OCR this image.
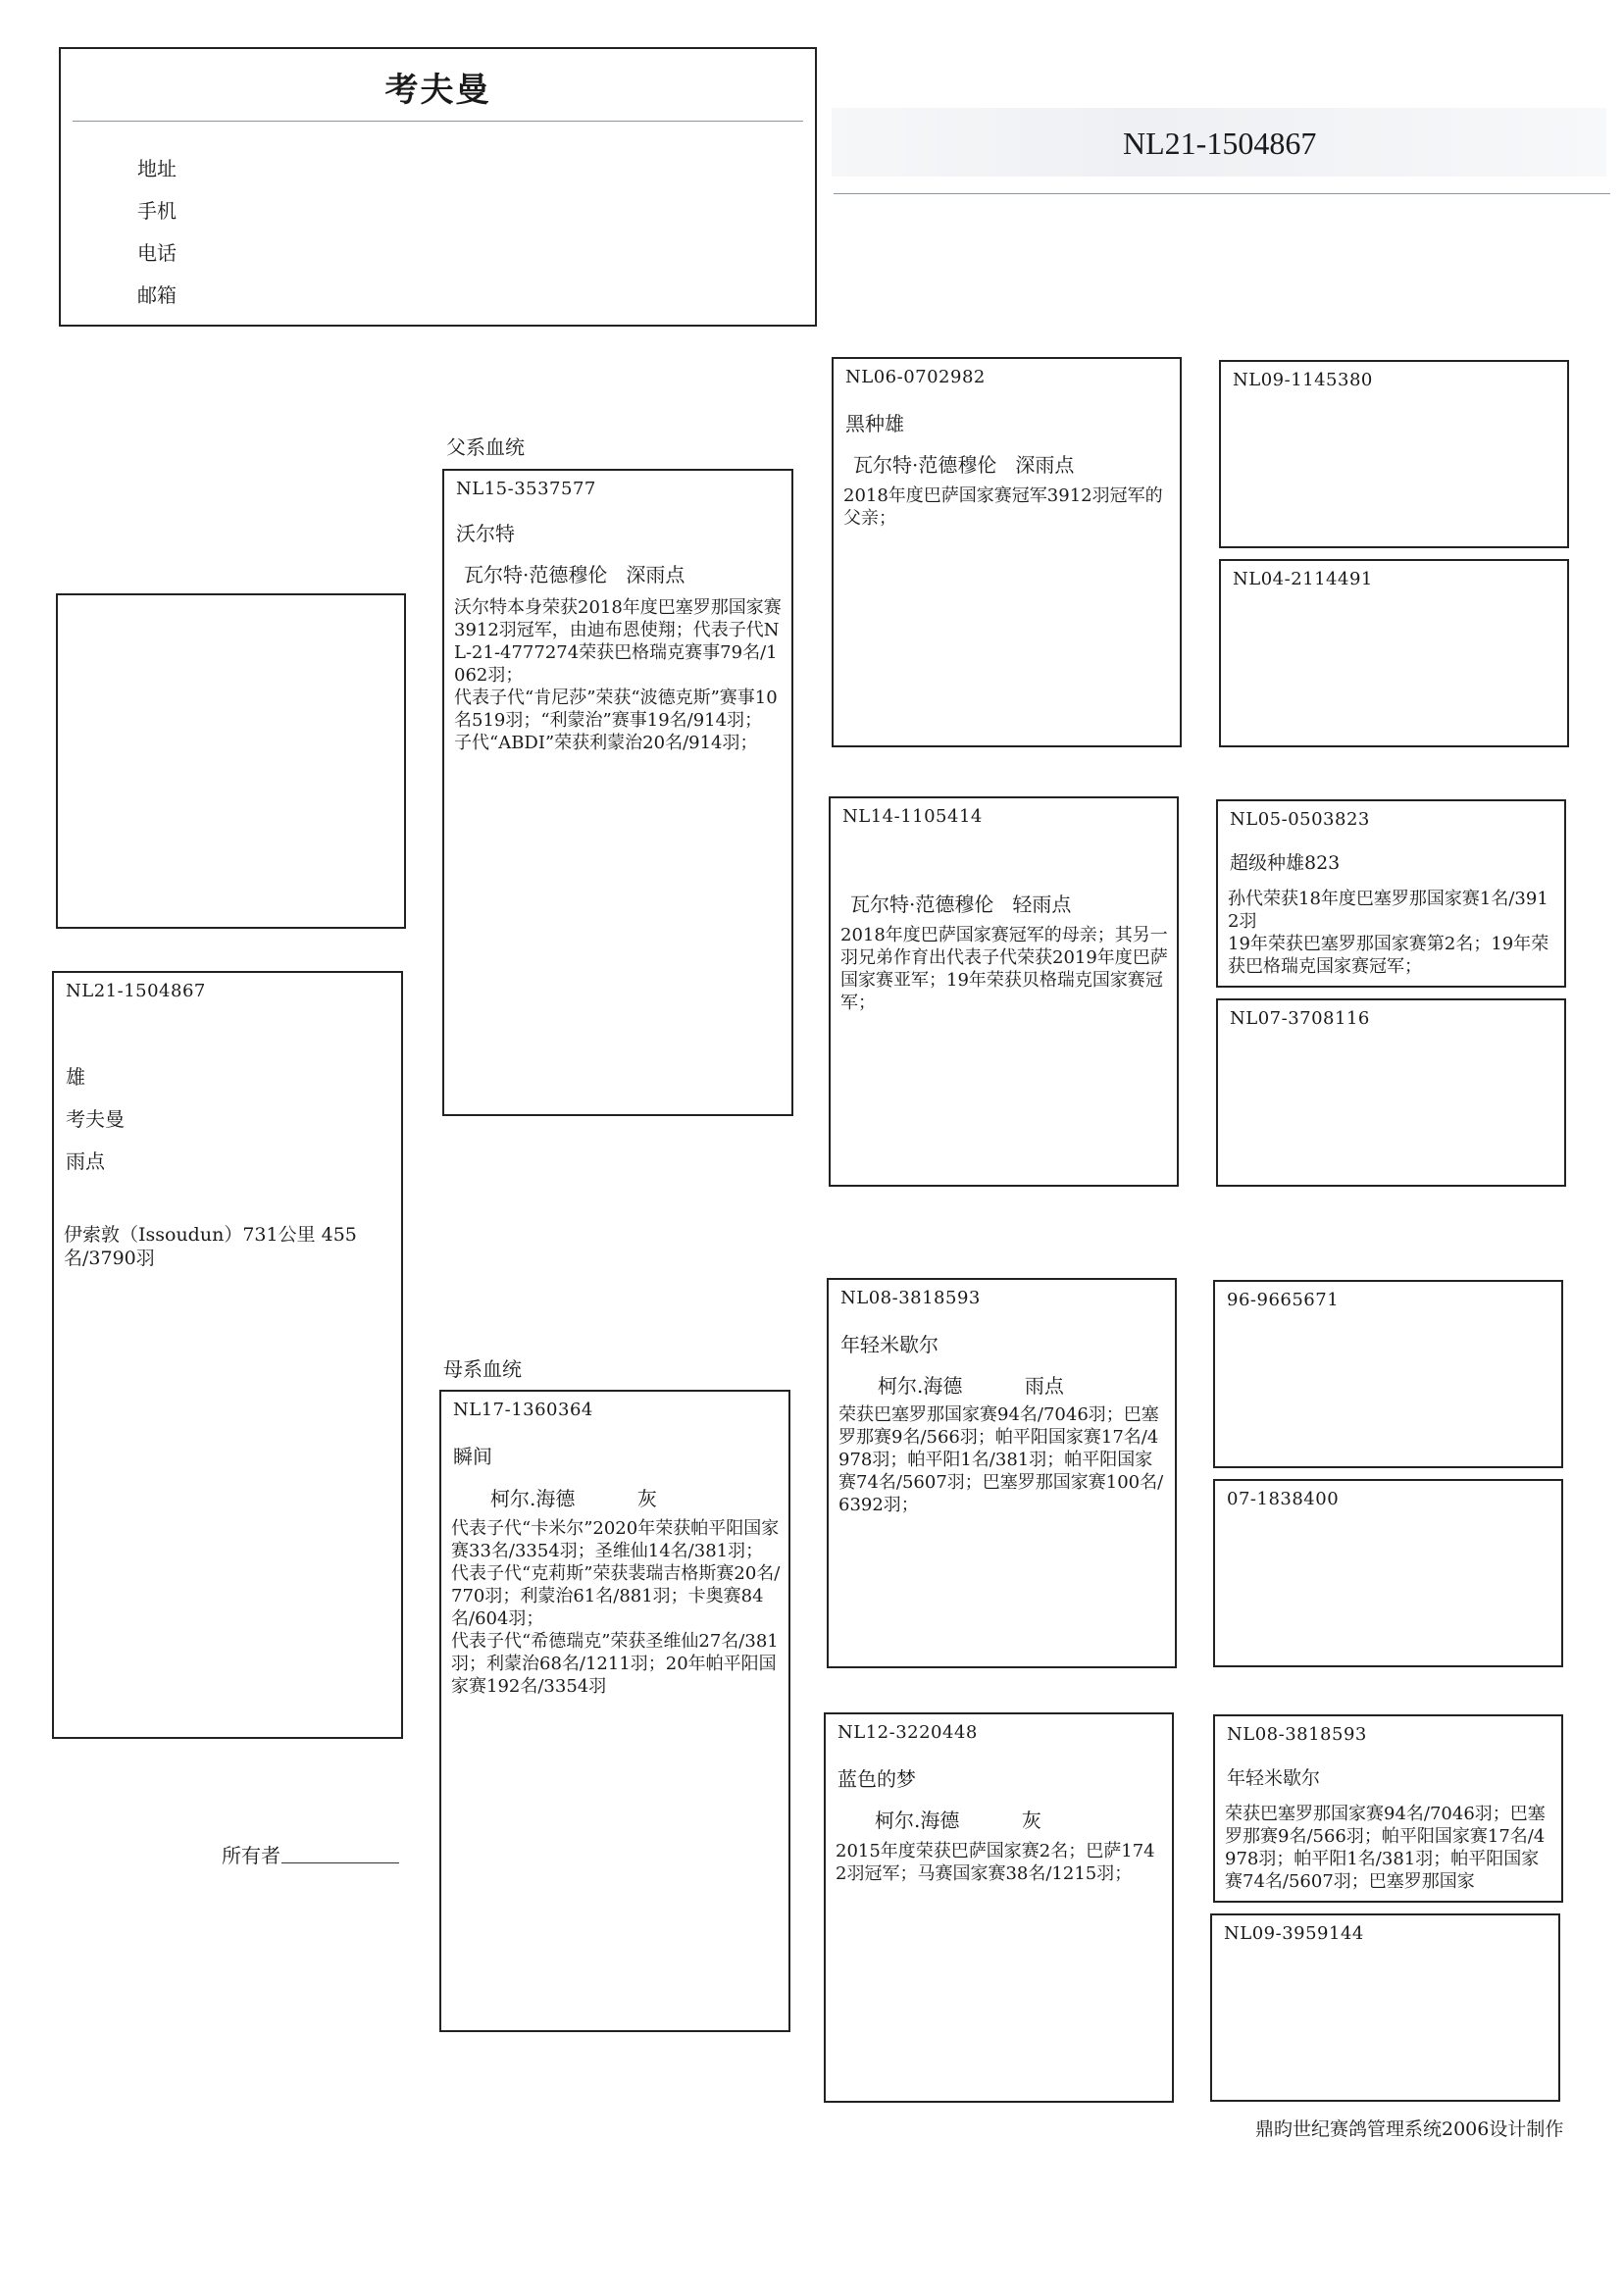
考夫曼
地址
手机
电话
邮箱
NL21-1504867
NL21-1504867
雄
考夫曼
雨点
伊索敦（Issoudun）731公里 455名/3790羽
所有者
父系血统
NL15-3537577
沃尔特
瓦尔特·范德穆伦   深雨点
沃尔特本身荣获2018年度巴塞罗那国家赛3912羽冠军，由迪布恩使翔；代表子代NL-21-4777274荣获巴格瑞克赛事79名/1062羽；
代表子代“肯尼莎”荣获“波德克斯”赛事10名519羽；“利蒙治”赛事19名/914羽；
子代“ABDI”荣获利蒙治20名/914羽；
母系血统
NL17-1360364
瞬间
柯尔.海德          灰
代表子代“卡米尔”2020年荣获帕平阳国家赛33名/3354羽；圣维仙14名/381羽；
代表子代“克莉斯”荣获裴瑞吉格斯赛20名/770羽；利蒙治61名/881羽；卡奥赛84名/604羽；
代表子代“希德瑞克”荣获圣维仙27名/381羽；利蒙治68名/1211羽；20年帕平阳国家赛192名/3354羽
NL06-0702982
黑种雄
瓦尔特·范德穆伦   深雨点
2018年度巴萨国家赛冠军3912羽冠军的父亲；
NL14-1105414
瓦尔特·范德穆伦   轻雨点
2018年度巴萨国家赛冠军的母亲；其另一羽兄弟作育出代表子代荣获2019年度巴萨国家赛亚军；19年荣获贝格瑞克国家赛冠军；
NL08-3818593
年轻米歇尔
柯尔.海德          雨点
荣获巴塞罗那国家赛94名/7046羽；巴塞罗那赛9名/566羽；帕平阳国家赛17名/4978羽；帕平阳1名/381羽；帕平阳国家赛74名/5607羽；巴塞罗那国家赛100名/6392羽；
NL12-3220448
蓝色的梦
柯尔.海德          灰
2015年度荣获巴萨国家赛2名；巴萨1742羽冠军；马赛国家赛38名/1215羽；
NL09-1145380
NL04-2114491
NL05-0503823
超级种雄823
孙代荣获18年度巴塞罗那国家赛1名/3912羽
19年荣获巴塞罗那国家赛第2名；19年荣获巴格瑞克国家赛冠军；
NL07-3708116
96-9665671
07-1838400
NL08-3818593
年轻米歇尔
荣获巴塞罗那国家赛94名/7046羽；巴塞罗那赛9名/566羽；帕平阳国家赛17名/4978羽；帕平阳1名/381羽；帕平阳国家赛74名/5607羽；巴塞罗那国家
NL09-3959144
鼎昀世纪赛鸽管理系统2006设计制作
